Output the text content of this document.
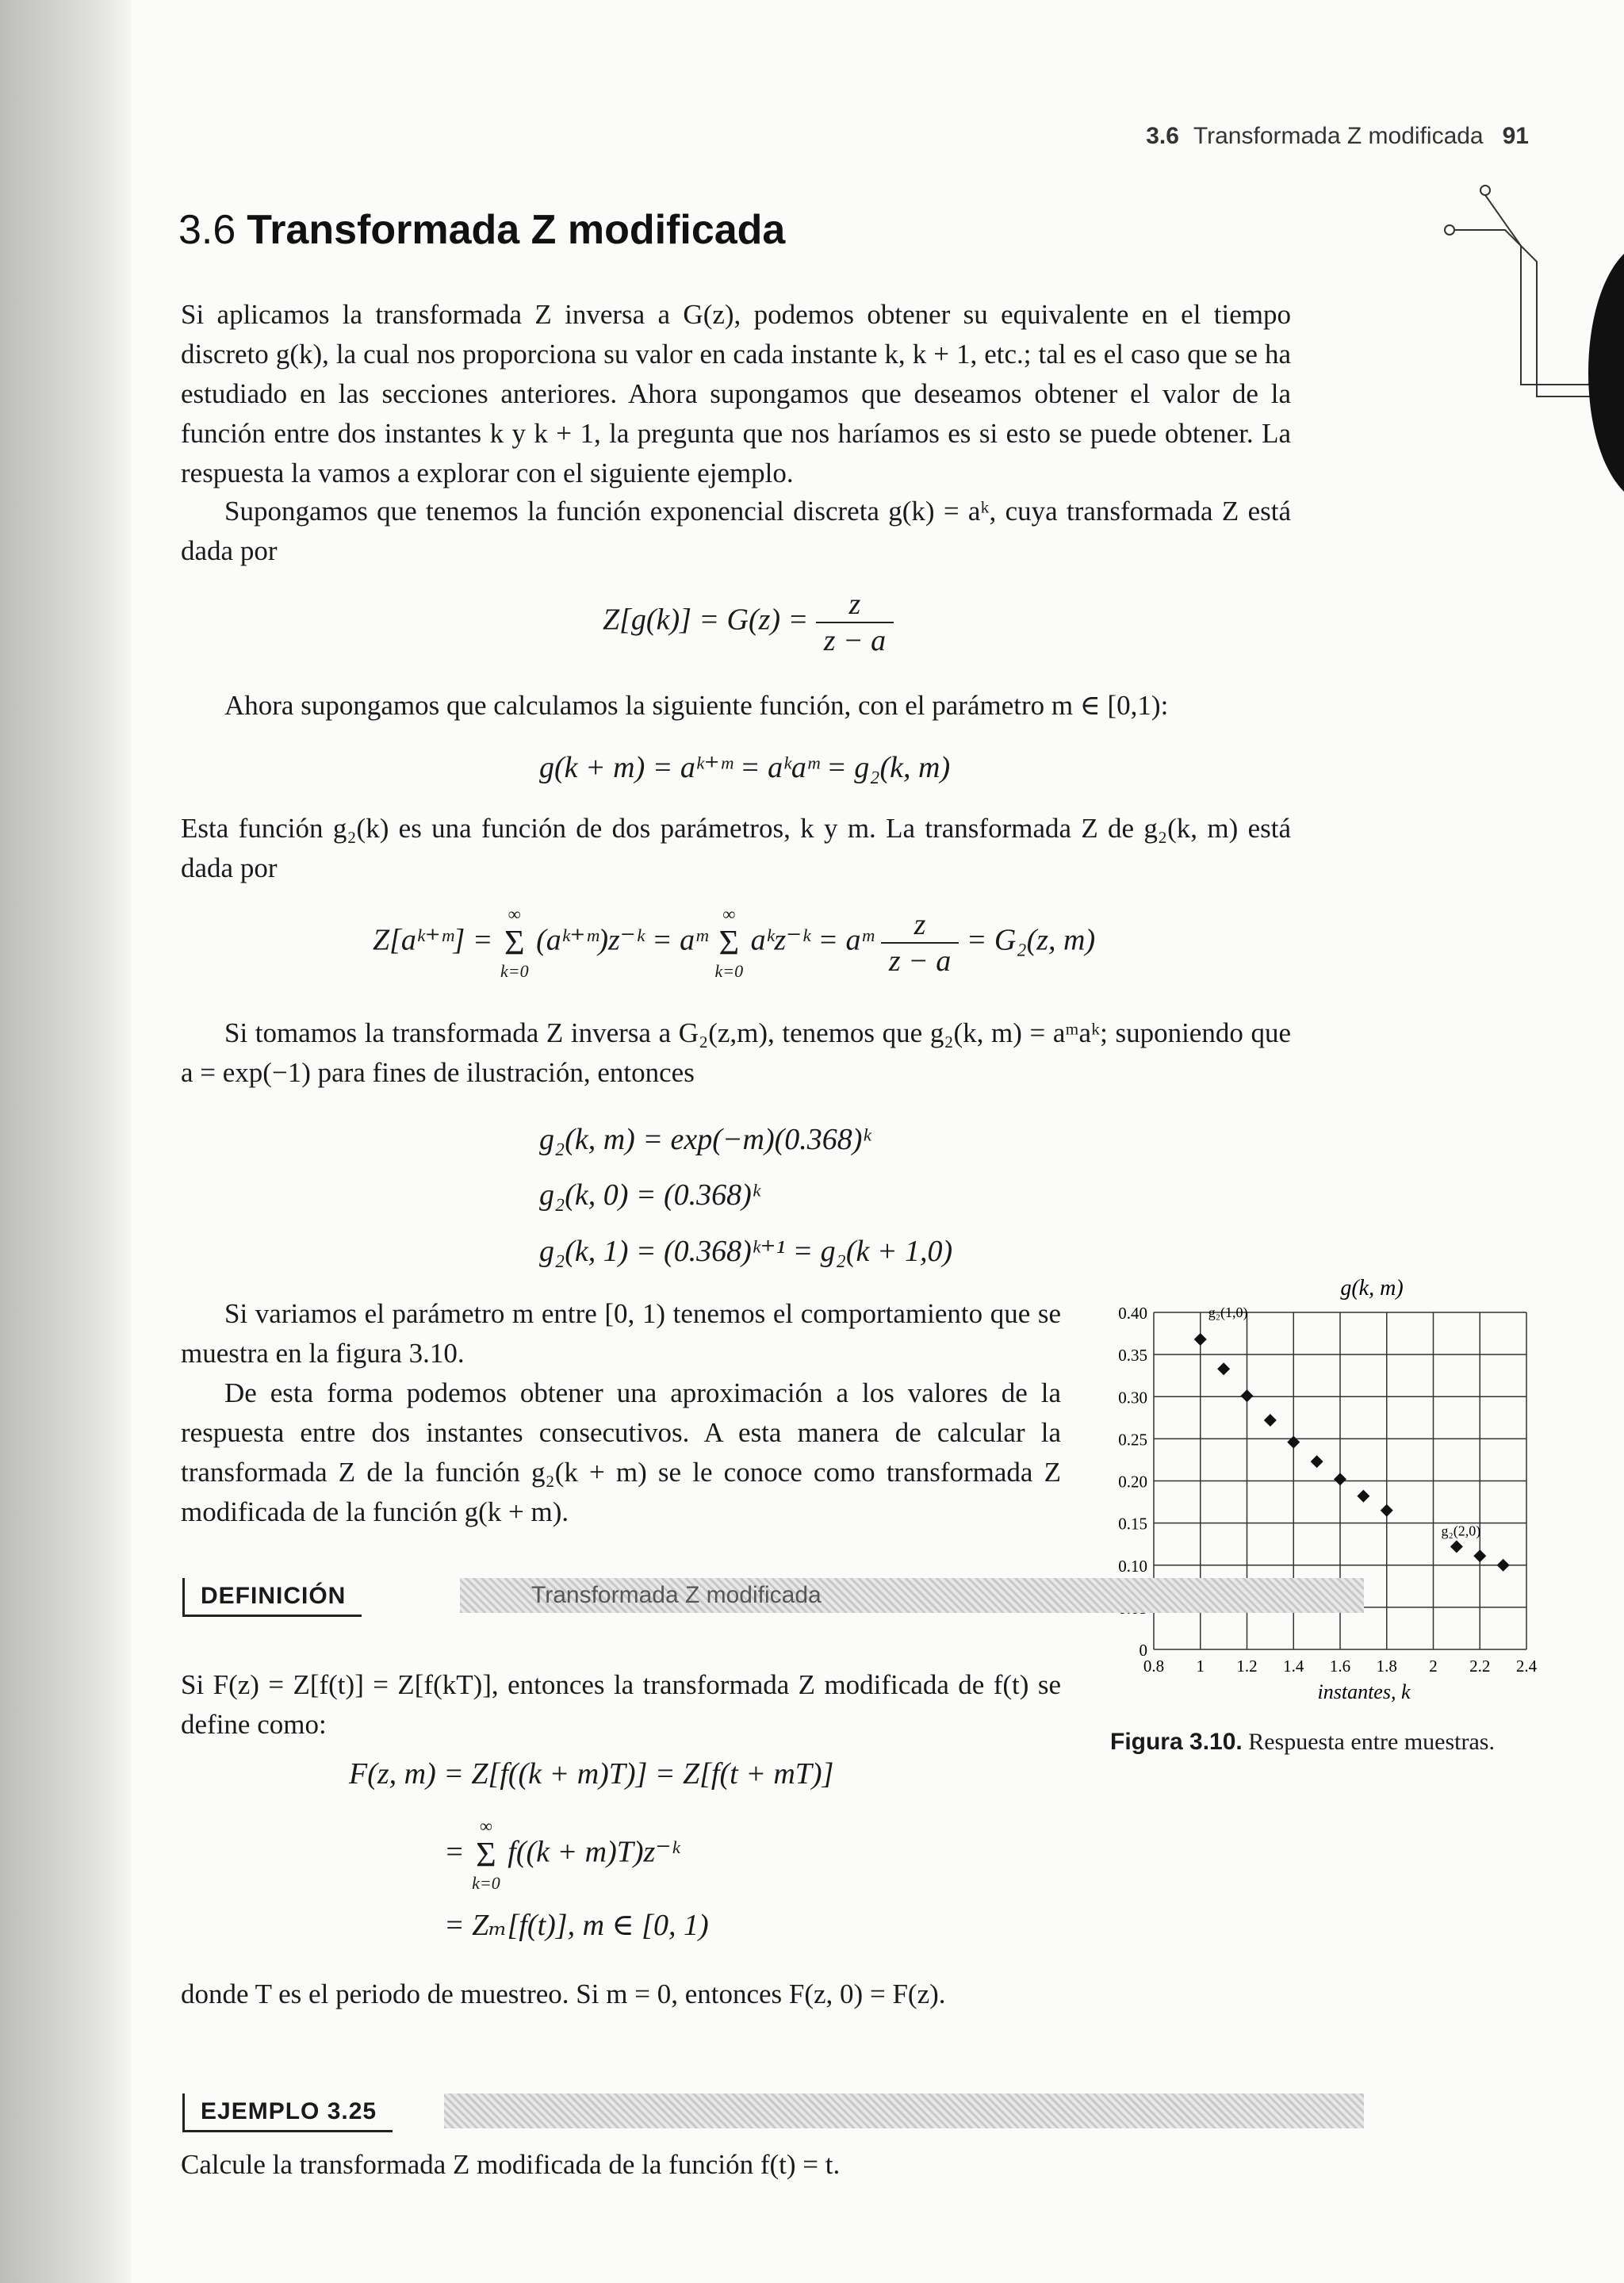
3.6 Transformada Z modificada 91
3.6 Transformada Z modificada
Si aplicamos la transformada Z inversa a G(z), podemos obtener su equivalente en el tiempo discreto g(k), la cual nos proporciona su valor en cada instante k, k + 1, etc.; tal es el caso que se ha estudiado en las secciones anteriores. Ahora supongamos que deseamos obtener el valor de la función entre dos instantes k y k + 1, la pregunta que nos haríamos es si esto se puede obtener. La respuesta la vamos a explorar con el siguiente ejemplo.
Supongamos que tenemos la función exponencial discreta g(k) = aᵏ, cuya transformada Z está dada por
$Z[g(k)] = G(z) = \frac{z}{z - a}$
Ahora supongamos que calculamos la siguiente función, con el parámetro m ∈ [0,1):
g(k + m) = aᵏ⁺ᵐ = aᵏaᵐ = g₂(k, m)
Esta función g₂(k) es una función de dos parámetros, k y m. La transformada Z de g₂(k, m) está dada por
Z[aᵏ⁺ᵐ] =
∞
Σ
k=0
(aᵏ⁺ᵐ)z⁻ᵏ = aᵐ
∞
Σ
k=0
aᵏz⁻ᵏ = aᵐ $\frac{z}{z - a} = G_2(z$, m)
Si tomamos la transformada Z inversa a G₂(z,m), tenemos que g₂(k, m) = aᵐaᵏ; suponiendo que a = exp(−1) para fines de ilustración, entonces
g₂(k, m) = exp(−m)(0.368)ᵏ
g₂(k, 0) = (0.368)ᵏ
g₂(k, 1) = (0.368)ᵏ⁺¹ = g₂(k + 1,0)
Si variamos el parámetro m entre [0, 1) tenemos el comportamiento que se muestra en la figura 3.10.
De esta forma podemos obtener una aproximación a los valores de la respuesta entre dos instantes consecutivos. A esta manera de calcular la transformada Z de la función g₂(k + m) se le conoce como transformada Z modificada de la función g(k + m).
g(k, m)
0
0.10
0.15
0.20
0.25
0.30
0.35
0.40
0.8 1 1.2 1.4 1.6 1.8 2 2.2 2.4
instantes, k
g₂(1,0)
g₂(2,0)
Figura 3.10. Respuesta entre muestras.
DEFINICIÓN	Transformada Z modificada
Si F(z) = Z[f(t)] = Z[f(kT)], entonces la transformada Z modificada de f(t) se define como:
F(z, m) = Z[f((k + m)T)] = Z[f(t + mT)]
=
∞
Σ
k=0
f((k + m)T)z⁻ᵏ
= Zₘ[f(t)], m ∈ [0, 1)
donde T es el periodo de muestreo. Si m = 0, entonces F(z, 0) = F(z).
EJEMPLO 3.25
Calcule la transformada Z modificada de la función f(t) = t.
